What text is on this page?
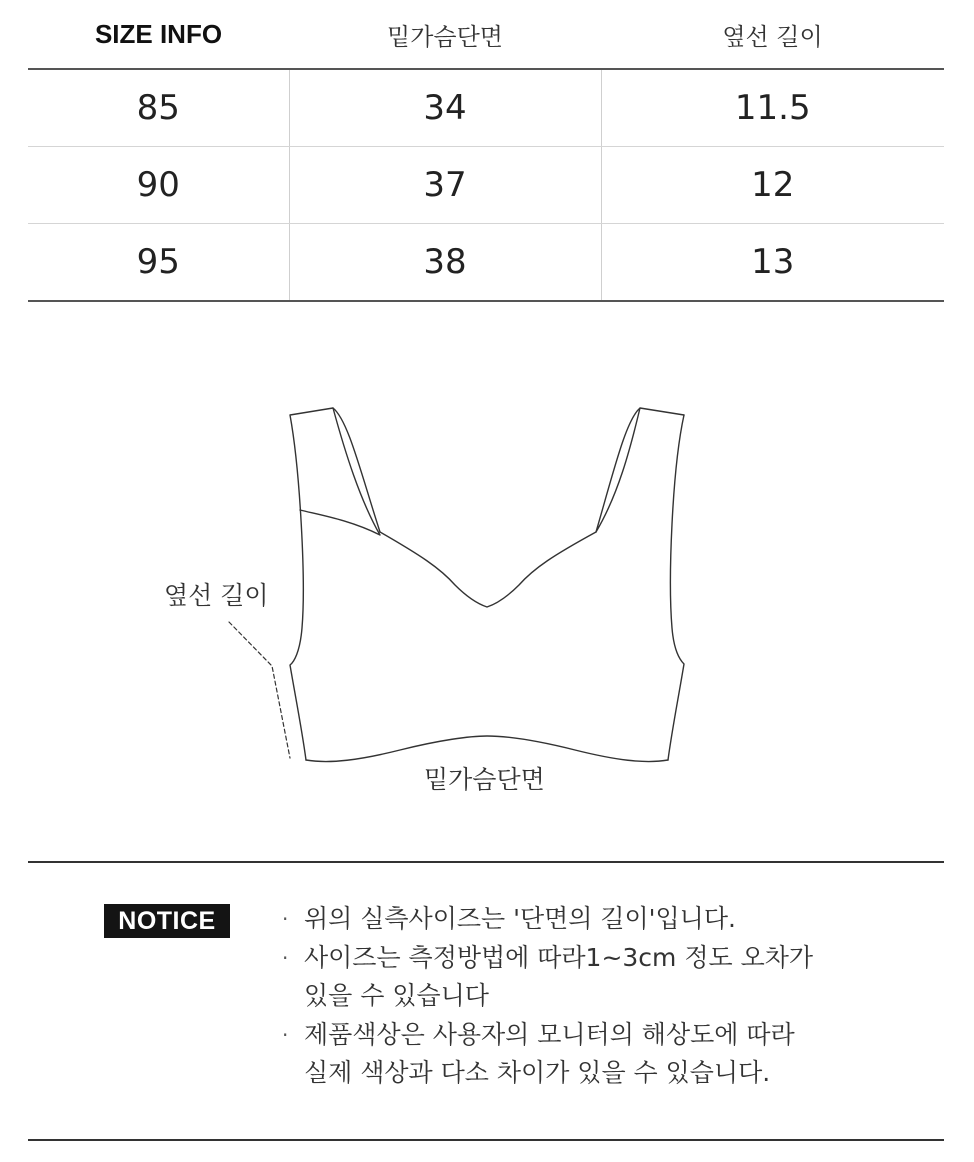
SIZE INFO	밑가슴단면	옆선 길이
85	34	11.5
90	37	12
95	38	13
옆선 길이
밑가슴단면
NOTICE	· 위의 실측사이즈는 '단면의 길이'입니다.
· 사이즈는 측정방법에 따라1~3cm 정도 오차가
있을 수 있습니다
· 제품색상은 사용자의 모니터의 해상도에 따라
실제 색상과 다소 차이가 있을 수 있습니다.
